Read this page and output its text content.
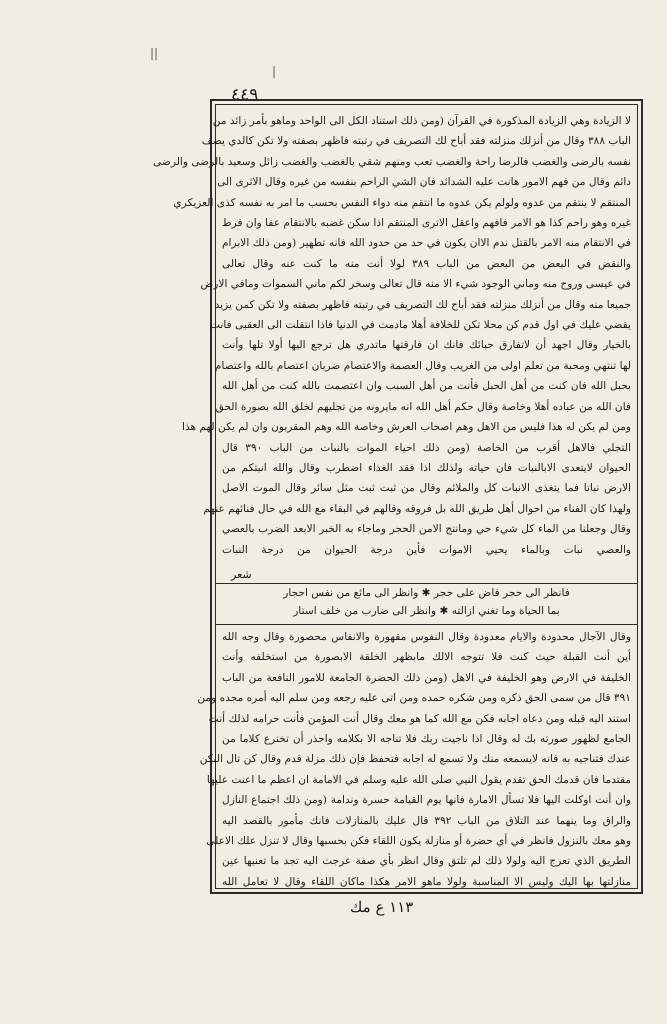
٤٤٩
|
||
لا الزيادة وهي الزيادة المذكورة في القرآن (ومن ذلك استناد الكل الى الواحد وماهو بأمر زائد من
الباب ٣٨٨ وقال من أنزلك منزلته فقد أباح لك التصريف في رتبته فاظهر بصفته ولا تكن كالدي يصف
نفسه بالرضى والغضب فالرضا راحة والغضب تعب ومنهم شقي بالغضب والغضب زائل وسعيد بالرضى والرضى
دائم وقال من فهم الامور هانت عليه الشدائد فان الشي الراحم بنفسه من غيره وقال الاثرى الى
المنتقم لا ينتقم من عدوه ولولم يكن عدوه ما انتقم منه دواء النفس بحسب ما امر به نفسه كذى العزيكري
غيره وهو راحم كذا هو الامر فافهم واعقل الاترى المنتقم اذا سكن غضبه بالانتقام عفا وان فرط
في الانتقام منه الامر بالقتل ندم الاان يكون في حد من حدود الله فانه تطهير (ومن ذلك الابرام
والنقض في البعض من البعض من الباب ٣٨٩ لولا أنت منه ما كنت عنه وقال تعالى
في عيسى وروح منه وماني الوجود شيء الا منه قال تعالى وسخر لكم ماني السموات ومافي الارض
جميعا منه وقال من أنزلك منزلته فقد أباح لك التصريف في رتبته فاظهر بصفته ولا تكن كمن يزيد
يقضي عليك في اول قدم كن محلا تكن للخلافة أهلا مادمت في الدنيا فاذا انتقلت الى العقبى فانت
بالخيار وقال اجهد أن لاتفارق حبائك فانك ان فارقتها ماتدري هل ترجع اليها أولا تلها وأنت
لها تنتهي ومحبة من تعلم اولى من الغريب وقال العصمة والاعتصام ضربان اعتصام بالله واعتصام
بحبل الله فان كنت من أهل الحبل فأنت من أهل السبب وان اعتصمت بالله كنت من أهل الله
فان الله من عباده أهلا وخاصة وقال حكم أهل الله انه مايرونه من تجليهم لخلق الله بصورة الحق
ومن لم يكن له هذا فليس من الاهل وهم اصحاب العرش وخاصة الله وهم المقربون وان لم يكن لهم هذا
التجلي فالاهل أقرب من الخاصة (ومن ذلك احياء الموات بالنبات من الباب ٣٩٠ قال
الحيوان لايتعدى الابالنبات فان حياته ولذلك اذا فقد الغذاء اضطرب وقال والله انبتكم من
الارض نباتا فما يتغذى الانبات كل والملائم وقال من ثبت ثبت مثل سائر وقال الموت الاصل
ولهذا كان الفناء من احوال أهل طريق الله بل فروقه وقالهم في البقاء مع الله في حال فنائهم عنهم
وقال وجعلنا من الماء كل شيء حي ومانتج الامن الحجر وماجاء به الخبر الابعد الضرب بالعصي
والعصي نبات وبالماء يحيي الاموات فأين درجة الحيوان من درجة النبات
شعر
فانظر الى حجر فاض على حجر ✱ وانظر الى مائع من نفس احجار
بما الحياة وما تغني ازالته ✱ وانظر الى ضارب من خلف استار
وقال الآجال محدودة والايام معدودة وقال النفوس مقهورة والانفاس محصورة وقال وجه الله
أين أنت القبلة حيث كنت فلا تتوجه الالك مابظهر الخلقة الابصورة من استخلفه وأنت
الخليفة في الارض وهو الخليفة في الاهل (ومن ذلك الحضرة الجامعة للامور النافعة من الباب
٣٩١ قال من سمى الحق ذكره ومن شكره حمده ومن اتى عليه رجعه ومن سلم اليه أمره مجده ومن
استند اليه قبله ومن دعاه اجابه فكن مع الله كما هو معك وقال أنت المؤمن فأنت حرامه لذلك أنت
الجامع لظهور صورته بك له وقال اذا ناجيت ربك فلا تناجه الا بكلامه واحذر أن تخترع كلاما من
عندك فتناجيه به فانه لايسمعه منك ولا تسمع له اجابه فتحفظ فإن ذلك مزلة قدم وقال كن تال النكن
مقتدما فان قدمك الحق تقدم يقول النبي صلى الله عليه وسلم في الامامة ان اعظم ما اعنت عليها
وان أنت اوكلت اليها فلا تسأل الامارة فانها يوم القيامة حسرة وندامة (ومن ذلك اجتماع النازل
والراق وما ينهما عند التلاق من الباب ٣٩٢ قال عليك بالمنازلات فانك مأمور بالقصد اليه
وهو معك بالنزول فانظر في أي حضرة أو منازلة يكون اللقاء فكن بحسبها وقال لا تنزل علك الاعلى
الطريق الذي تعرج اليه ولولا ذلك لم تلتق وقال انظر بأي صفة عرجت اليه تجد ما تعنيها عين
منازلتها بها اليك وليس الا المناسبة ولولا ماهو الامر هكذا ماكان اللقاء وقال لا تعامل الله
١١٣ ع مك
